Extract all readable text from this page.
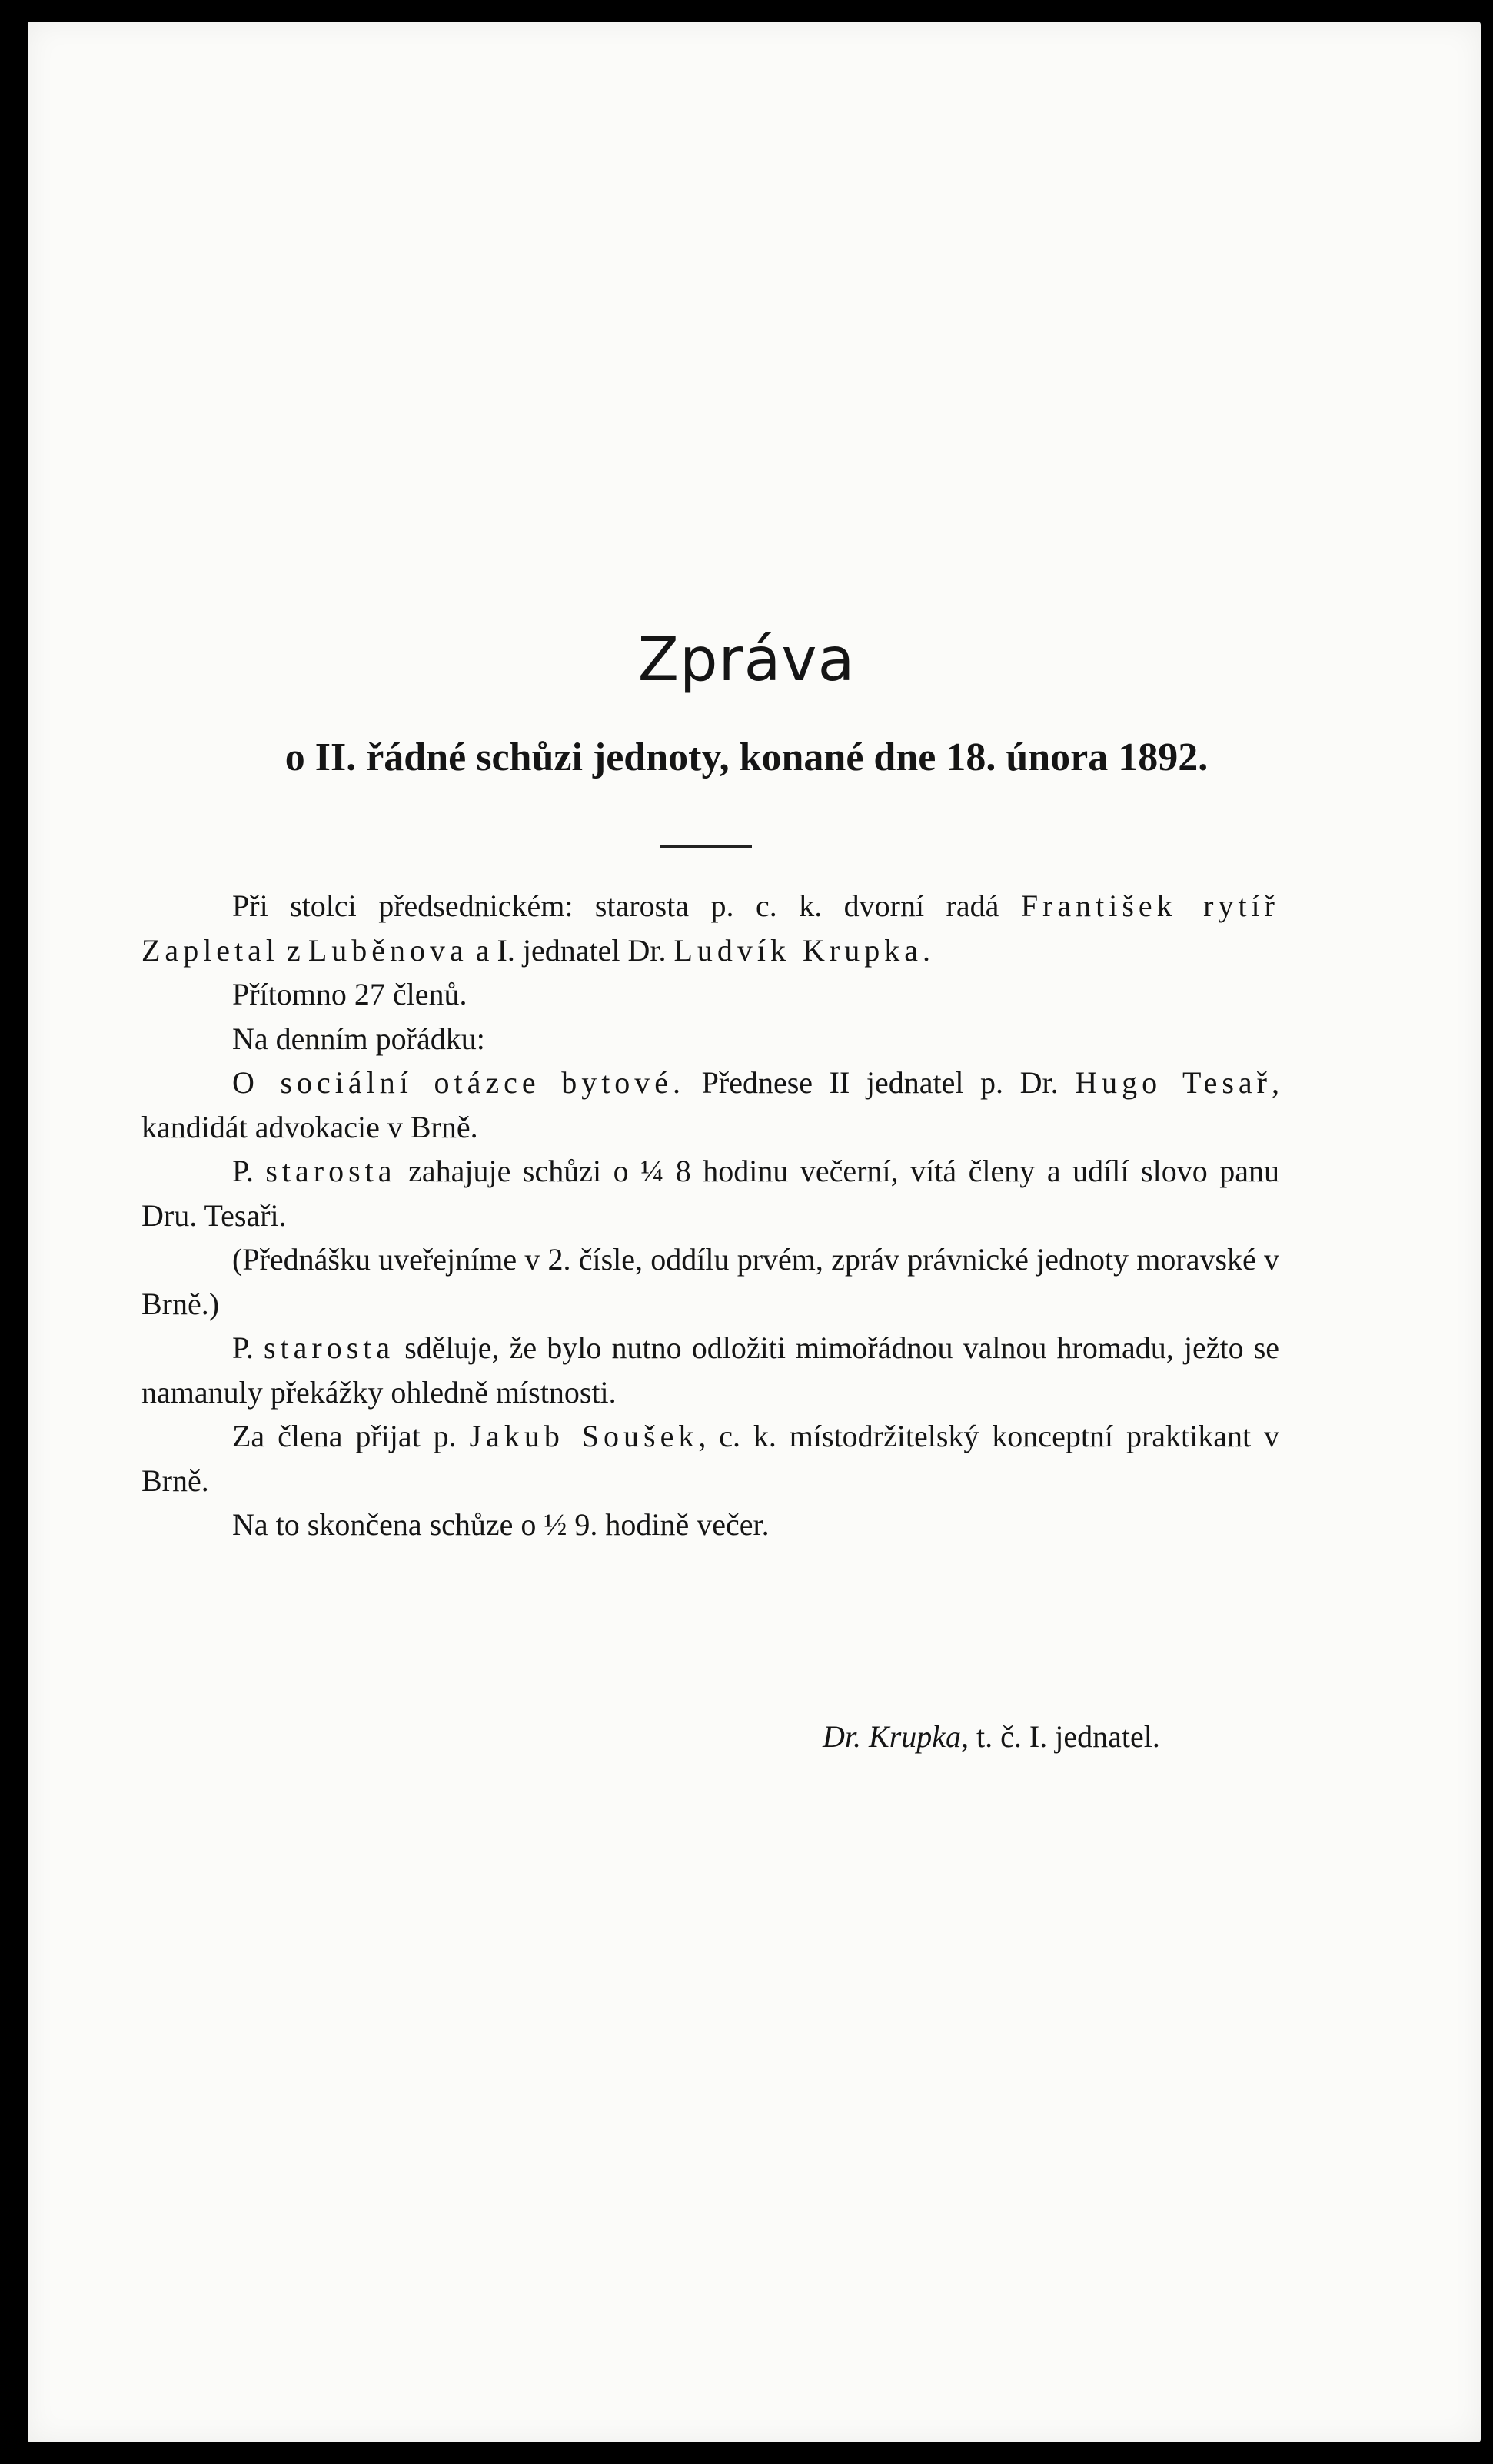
Zpráva
o II. řádné schůzi jednoty, konané dne 18. února 1892.

Při stolci předsednickém: starosta p. c. k. dvorní radá František rytíř Zapletal z Luběnova a I. jednatel Dr. Ludvík Krupka.

Přítomno 27 členů.

Na denním pořádku:

O sociální otázce bytové. Přednese II jednatel p. Dr. Hugo Tesař, kandidát advokacie v Brně.

P. starosta zahajuje schůzi o ¼ 8 hodinu večerní, vítá členy a udílí slovo panu Dru. Tesaři.

(Přednášku uveřejníme v 2. čísle, oddílu prvém, zpráv právnické jednoty moravské v Brně.)

P. starosta sděluje, že bylo nutno odložiti mimořádnou valnou hromadu, ježto se namanuly překážky ohledně místnosti.

Za člena přijat p. Jakub Soušek, c. k. místodržitelský konceptní praktikant v Brně.

Na to skončena schůze o ½ 9. hodině večer.

Dr. Krupka, t. č. I. jednatel.
